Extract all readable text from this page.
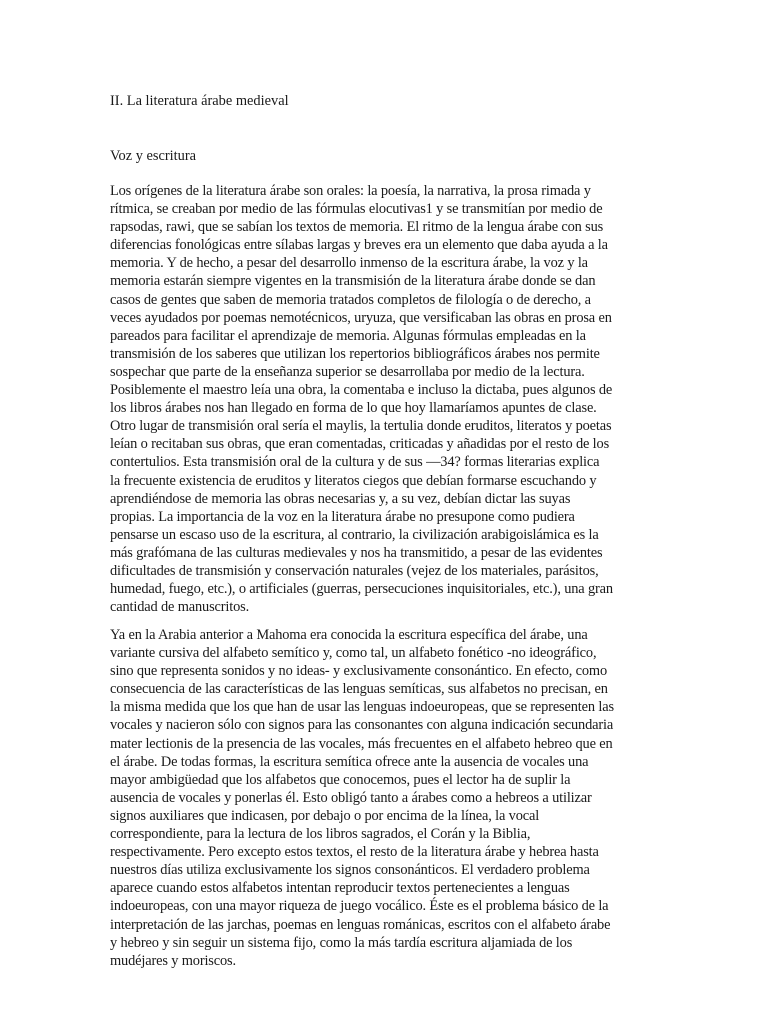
II. La literatura árabe medieval
Voz y escritura
Los orígenes de la literatura árabe son orales: la poesía, la narrativa, la prosa rimada y
rítmica, se creaban por medio de las fórmulas elocutivas1 y se transmitían por medio de
rapsodas, rawi, que se sabían los textos de memoria. El ritmo de la lengua árabe con sus
diferencias fonológicas entre sílabas largas y breves era un elemento que daba ayuda a la
memoria. Y de hecho, a pesar del desarrollo inmenso de la escritura árabe, la voz y la
memoria estarán siempre vigentes en la transmisión de la literatura árabe donde se dan
casos de gentes que saben de memoria tratados completos de filología o de derecho, a
veces ayudados por poemas nemotécnicos, uryuza, que versificaban las obras en prosa en
pareados para facilitar el aprendizaje de memoria. Algunas fórmulas empleadas en la
transmisión de los saberes que utilizan los repertorios bibliográficos árabes nos permite
sospechar que parte de la enseñanza superior se desarrollaba por medio de la lectura.
Posiblemente el maestro leía una obra, la comentaba e incluso la dictaba, pues algunos de
los libros árabes nos han llegado en forma de lo que hoy llamaríamos apuntes de clase.
Otro lugar de transmisión oral sería el maylis, la tertulia donde eruditos, literatos y poetas
leían o recitaban sus obras, que eran comentadas, criticadas y añadidas por el resto de los
contertulios. Esta transmisión oral de la cultura y de sus —34? formas literarias explica
la frecuente existencia de eruditos y literatos ciegos que debían formarse escuchando y
aprendiéndose de memoria las obras necesarias y, a su vez, debían dictar las suyas
propias. La importancia de la voz en la literatura árabe no presupone como pudiera
pensarse un escaso uso de la escritura, al contrario, la civilización arabigoislámica es la
más grafómana de las culturas medievales y nos ha transmitido, a pesar de las evidentes
dificultades de transmisión y conservación naturales (vejez de los materiales, parásitos,
humedad, fuego, etc.), o artificiales (guerras, persecuciones inquisitoriales, etc.), una gran
cantidad de manuscritos.
Ya en la Arabia anterior a Mahoma era conocida la escritura específica del árabe, una
variante cursiva del alfabeto semítico y, como tal, un alfabeto fonético -no ideográfico,
sino que representa sonidos y no ideas- y exclusivamente consonántico. En efecto, como
consecuencia de las características de las lenguas semíticas, sus alfabetos no precisan, en
la misma medida que los que han de usar las lenguas indoeuropeas, que se representen las
vocales y nacieron sólo con signos para las consonantes con alguna indicación secundaria
mater lectionis de la presencia de las vocales, más frecuentes en el alfabeto hebreo que en
el árabe. De todas formas, la escritura semítica ofrece ante la ausencia de vocales una
mayor ambigüedad que los alfabetos que conocemos, pues el lector ha de suplir la
ausencia de vocales y ponerlas él. Esto obligó tanto a árabes como a hebreos a utilizar
signos auxiliares que indicasen, por debajo o por encima de la línea, la vocal
correspondiente, para la lectura de los libros sagrados, el Corán y la Biblia,
respectivamente. Pero excepto estos textos, el resto de la literatura árabe y hebrea hasta
nuestros días utiliza exclusivamente los signos consonánticos. El verdadero problema
aparece cuando estos alfabetos intentan reproducir textos pertenecientes a lenguas
indoeuropeas, con una mayor riqueza de juego vocálico. Éste es el problema básico de la
interpretación de las jarchas, poemas en lenguas románicas, escritos con el alfabeto árabe
y hebreo y sin seguir un sistema fijo, como la más tardía escritura aljamiada de los
mudéjares y moriscos.
